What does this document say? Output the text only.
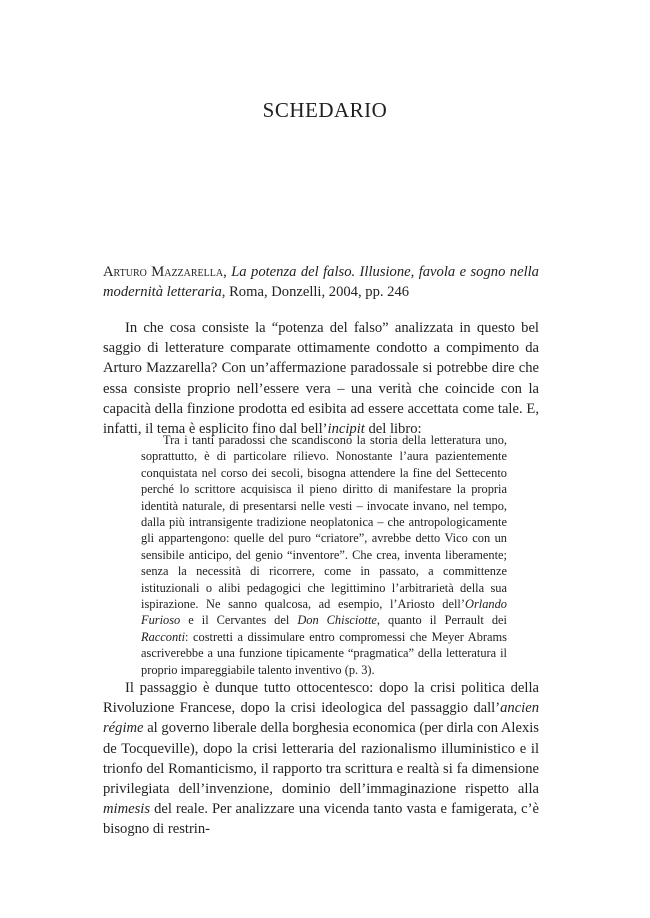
SCHEDARIO
Arturo Mazzarella, La potenza del falso. Illusione, favola e sogno nella modernità letteraria, Roma, Donzelli, 2004, pp. 246

In che cosa consiste la “potenza del falso” analizzata in questo bel saggio di letterature comparate ottimamente condotto a compimento da Arturo Mazzarella? Con un’affermazione paradossale si potrebbe dire che essa consiste proprio nell’essere vera – una verità che coincide con la capacità della finzione prodotta ed esibita ad essere accettata come tale. E, infatti, il tema è esplicito fino dal bell’incipit del libro:

Tra i tanti paradossi che scandiscono la storia della letteratura uno, soprattutto, è di particolare rilievo. Nonostante l’aura pazientemente conquistata nel corso dei secoli, bisogna attendere la fine del Settecento perché lo scrittore acquisisca il pieno diritto di manifestare la propria identità naturale, di presentarsi nelle vesti – invocate invano, nel tempo, dalla più intransigente tradizione neoplatonica – che antropologicamente gli appartengono: quelle del puro “criatore”, avrebbe detto Vico con un sensibile anticipo, del genio “inventore”. Che crea, inventa liberamente; senza la necessità di ricorrere, come in passato, a committenze istituzionali o alibi pedagogici che legittimino l’arbitrarietà della sua ispirazione. Ne sanno qualcosa, ad esempio, l’Ariosto dell’Orlando Furioso e il Cervantes del Don Chisciotte, quanto il Perrault dei Racconti: costretti a dissimulare entro compromessi che Meyer Abrams ascriverebbe a una funzione tipicamente “pragmatica” della letteratura il proprio impareggiabile talento inventivo (p. 3).

Il passaggio è dunque tutto ottocentesco: dopo la crisi politica della Rivoluzione Francese, dopo la crisi ideologica del passaggio dall’ancien régime al governo liberale della borghesia economica (per dirla con Alexis de Tocqueville), dopo la crisi letteraria del razionalismo illuministico e il trionfo del Romanticismo, il rapporto tra scrittura e realtà si fa dimensione privilegiata dell’invenzione, dominio dell’immaginazione rispetto alla mimesis del reale. Per analizzare una vicenda tanto vasta e famigerata, c’è bisogno di restrin-
